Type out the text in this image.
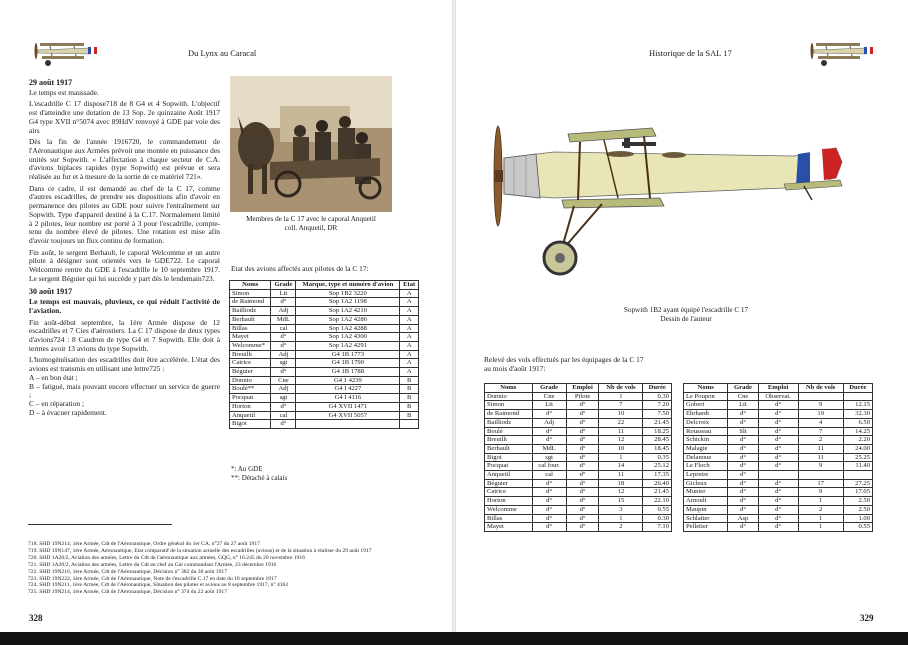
Du Lynx au Caracal
29 août 1917

Le temps est maussade.

L'escadrille C 17 dispose718 de 8 G4 et 4 Sopwith. L'objectif est d'atteindre une dotation de 13 Sop. 2e quinzaine Août 1917 G4 type XVII n°5074 avec 89HdV renvoyé à GDE par voie des airs

Dès la fin de l'année 1916720, le commandement de l'Aéronautique aux Armées prévoit une montée en puissance des unités sur Sopwith. « L'affectation à chaque secteur de C.A. d'avions biplaces rapides (type Sopwith) est prévue et sera réalisée au fur et à mesure de la sortie de ce matériel 721».

Dans ce cadre, il est demandé au chef de la C 17, comme d'autres escadrilles, de prendre ses dispositions afin d'avoir en permanence des pilotes au GDE pour suivre l'entraînement sur Sopwith. Type d'appareil destiné à la C.17. Normalement limité à 2 pilotes, leur nombre est porté à 3 pour l'escadrille, compte-tenu du nombre élevé de pilotes. Une rotation est mise afin d'avoir toujours un flux continu de formation.

Fin août, le sergent Berhault, le caporal Welcomme et un autre pilote à désigner sont orientés vers le GDE722. Le caporal Welcomme rentre du GDE à l'escadrille le 10 septembre 1917. Le sergent Béguier qui lui succède y part dès le lendemain723.

30 août 1917
Le temps est mauvais, pluvieux, ce qui réduit l'activité de l'aviation.

Fin août-début septembre, la 1ère Armée dispose de 12 escadrilles et 7 Cies d'aérostiers. La C 17 dispose de deux types d'avions724 : 8 Caudron de type G4 et 7 Sopwith. Elle doit à termes avoir 13 avions du type Sopwith.

L'homogénéisation des escadrilles doit être accélérée. L'état des avions est transmis en utilisant une lettre725 :

A – en bon état ;
B – fatigué, mais pouvant encore effectuer un service de guerre ;
C – en réparation ;
D – à évacuer rapidement.
Membres de la C 17 avec le caporal Anquetil
coll. Anquetil, DR
Etat des avions affectés aux pilotes de la C 17:
Noms	Grade	Marque, type et numéro d'avion	Etat
Simon	Ltt	Sop 1B2 3220	A
de Raimond	d°	Sop 1A2 1198	A
Bailliodz	Adj	Sop 1A2 4210	A
Berhault	MdL	Sop 1A2 4286	A
Billas	cal	Sop 1A2 4288	A
Mayet	d°	Sop 1A2 4300	A
Welcomme*	d°	Sop 1A2 4291	A
Breuilh	Adj	G4 1B 1773	A
Catrice	sgt	G4 1B 1790	A
Béguier	d°	G4 1B 1788	A
Donnio	Cne	G4 1 4239	B
Boulé**	Adj	G4 I 4227	B
Pocquat	sgt	G4 I 4116	B
Horton	d°	G4 XVII 1471	B
Anquetil	cal	G4 XVII 5057	B
Bigot	d°		
*: Au GDE
**: Détaché à calais
718. SHD 19N214, 1ère Armée, Cdt de l'Aéronautique, Ordre général du 1er CA, n°27 du 27 août 1917
719. SHD 19N147, 1ère Armée, Aéronautique, Etat comparatif de la situation actuelle des escadrilles (avions) et de la situation à réaliser du 29 août 1917
720. SHD 1A20/2, Aviation des armées, Lettre du Cdt de l'aéronautique aux armées, GQG, n° 16.245 du 20 novembre 1916
721. SHD 1A20/2, Aviation des armées, Lettre du Cdt en chef au Gal commandant l'Armée, 23 décembre 1916
722. SHD 19N216, 1ère Armée, Cdt de l'Aéronautique, Décision n° 382 du 30 août 1917
723. SHD 19N222, 1ère Armée, Cdt de l'Aéronautique, Note de l'escadrille C.17 en date du 10 septembre 1917
724. SHD 19N211, 1ère Armée, Cdt de l'Aéronautique, Situation des pilotes et avions au 8 septembre 1917, n° 4162
725. SHD 19N214, 1ère Armée, Cdt de l'Aéronautique, Décision n° 374 du 22 août 1917
328
Historique de la SAL 17
Sopwith 1B2 ayant équipé l'escadrille C 17
Dessin de l'auteur
Relevé des vols effectués par les équipages de la C 17
au mois d'août 1917:
Noms	Grade	Emploi	Nb de vols	Durée
Donnio	Cne	Pilote	1	0.30
Simon	Ltt	d°	7	7.20
de Raimond	d°	d°	10	7.50
Bailliodz	Adj	d°	22	21.45
Boulé	d°	d°	11	18.25
Breuilh	d°	d°	12	28.45
Berhault	MdL	d°	10	18.45
Bigot	sgt	d°	1	0.35
Pocquat	cal four.	d°	14	25.12
Anquetil	cal	d°	11	17.35
Béguier	d°	d°	18	26.40
Catrice	d°	d°	12	21.45
Horton	d°	d°	15	22.10
Welcomme	d°	d°	3	0.55
Billas	d°	d°	1	0.30
Mayet	d°	d°	2	7.10
Noms	Grade	Emploi	Nb de vols	Durée
Le Poupon	Cne	Observat.		
Gobert	Ltt	d°	9	12.15
Ehrhardt	d°	d°	19	32.30
Delcroix	d°	d°	4	6.50
Rousseau	Slt	d°	7	14.25
Schickin	d°	d°	2	2.20
Malagie	d°	d°	11	24.00
Delanoue	d°	d°	11	25.25
Le Floch	d°	d°	9	11.40
Lepretre	d°			
Gicleux	d°	d°	17	27.25
Munier	d°	d°	9	17.05
Arnoult	d°	d°	1	2.50
Maupin	d°	d°	2	2.50
Schlatter	Asp	d°	1	1.00
Pelletier	d°	d°	1	0.55
329
